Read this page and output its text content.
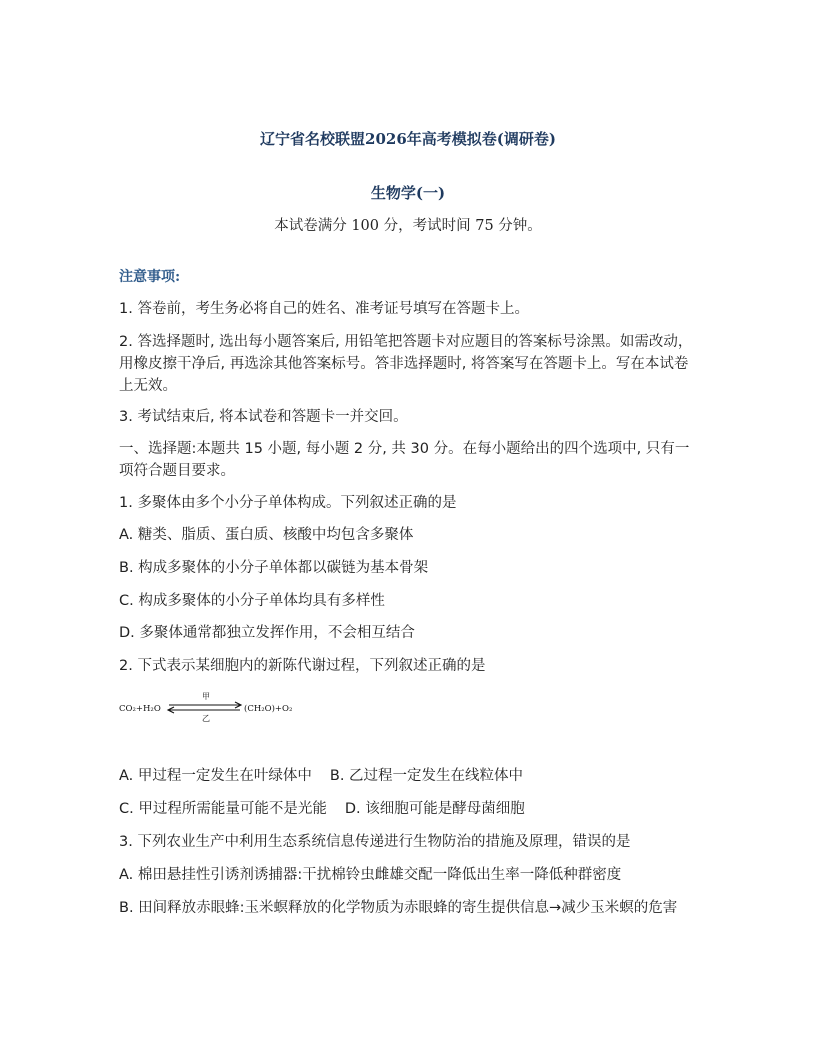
辽宁省名校联盟2026年高考模拟卷(调研卷)
生物学(一)
本试卷满分 100 分，考试时间 75 分钟。
注意事项:
1. 答卷前，考生务必将自己的姓名、准考证号填写在答题卡上。
2. 答选择题时, 选出每小题答案后, 用铅笔把答题卡对应题目的答案标号涂黑。如需改动，用橡皮擦干净后, 再选涂其他答案标号。答非选择题时, 将答案写在答题卡上。写在本试卷上无效。
3. 考试结束后, 将本试卷和答题卡一并交回。
一、选择题:本题共 15 小题, 每小题 2 分, 共 30 分。在每小题给出的四个选项中, 只有一项符合题目要求。
1. 多聚体由多个小分子单体构成。下列叙述正确的是
A. 糖类、脂质、蛋白质、核酸中均包含多聚体
B. 构成多聚体的小分子单体都以碳链为基本骨架
C. 构成多聚体的小分子单体均具有多样性
D. 多聚体通常都独立发挥作用，不会相互结合
2. 下式表示某细胞内的新陈代谢过程，下列叙述正确的是
CO₂+H₂O
甲
乙
(CH₂O)+O₂
A. 甲过程一定发生在叶绿体中 B. 乙过程一定发生在线粒体中
C. 甲过程所需能量可能不是光能 D. 该细胞可能是酵母菌细胞
3. 下列农业生产中利用生态系统信息传递进行生物防治的措施及原理，错误的是
A. 棉田悬挂性引诱剂诱捕器:干扰棉铃虫雌雄交配一降低出生率一降低种群密度
B. 田间释放赤眼蜂:玉米螟释放的化学物质为赤眼蜂的寄生提供信息→减少玉米螟的危害
